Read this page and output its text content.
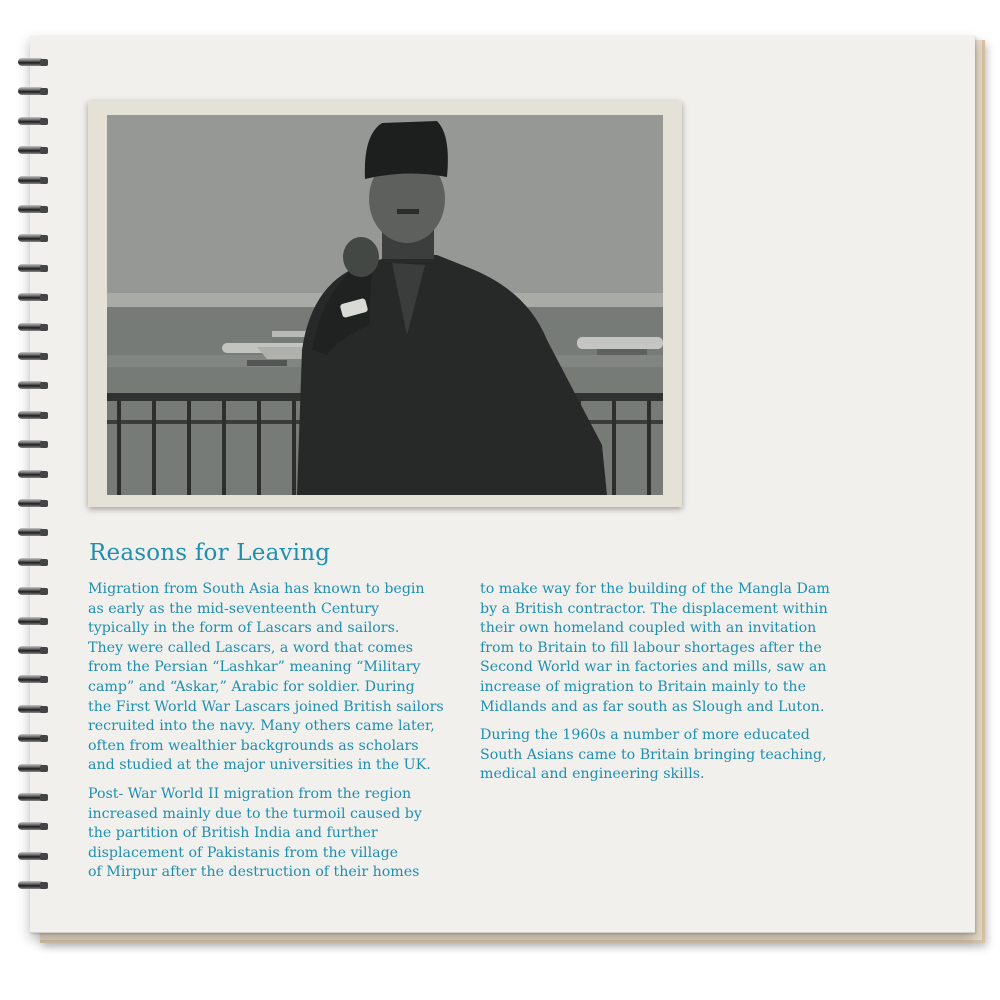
Reasons for Leaving

Migration from South Asia has known to begin
as early as the mid-seventeenth Century
typically in the form of Lascars and sailors.
They were called Lascars, a word that comes
from the Persian “Lashkar” meaning “Military
camp” and “Askar,” Arabic for soldier. During
the First World War Lascars joined British sailors
recruited into the navy. Many others came later,
often from wealthier backgrounds as scholars
and studied at the major universities in the UK.

Post- War World II migration from the region
increased mainly due to the turmoil caused by
the partition of British India and further
displacement of Pakistanis from the village
of Mirpur after the destruction of their homes

to make way for the building of the Mangla Dam
by a British contractor. The displacement within
their own homeland coupled with an invitation
from to Britain to fill labour shortages after the
Second World war in factories and mills, saw an
increase of migration to Britain mainly to the
Midlands and as far south as Slough and Luton.

During the 1960s a number of more educated
South Asians came to Britain bringing teaching,
medical and engineering skills.
